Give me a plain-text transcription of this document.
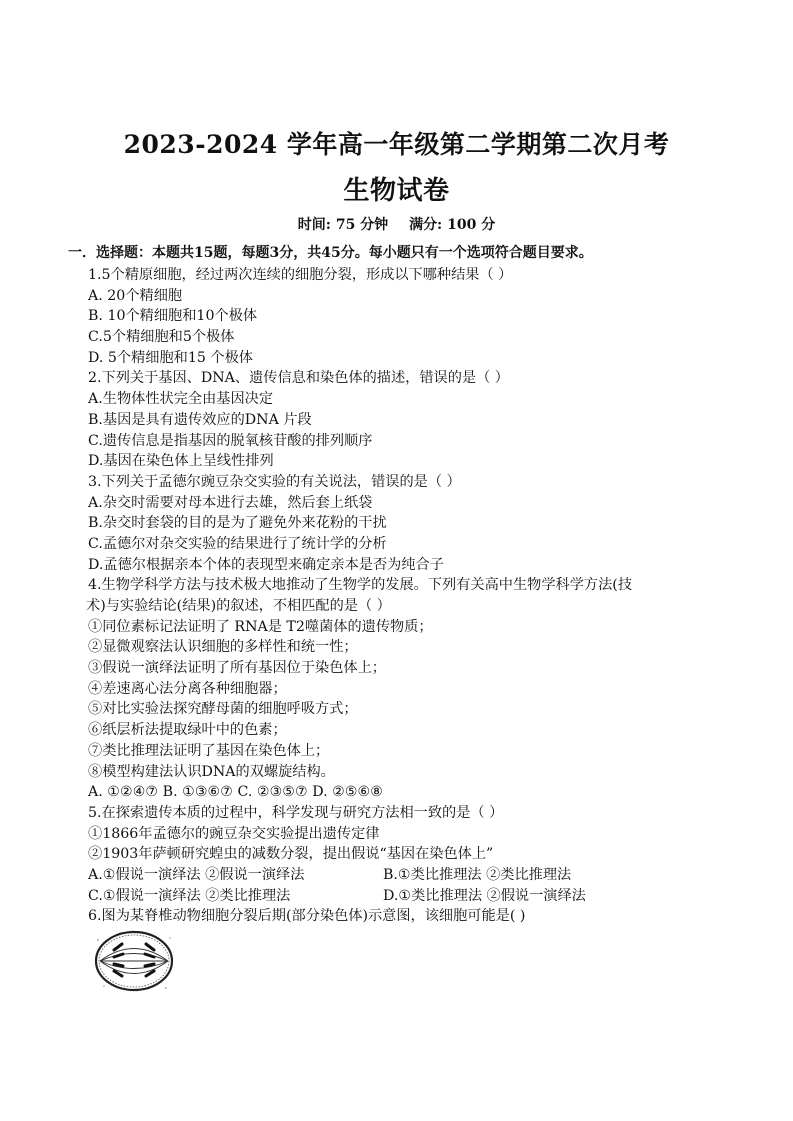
2023-2024 学年高一年级第二学期第二次月考
生物试卷
时间: 75 分钟 满分: 100 分
一．选择题：本题共15题，每题3分，共45分。每小题只有一个选项符合题目要求。
1.5个精原细胞，经过两次连续的细胞分裂，形成以下哪种结果（ ）
A. 20个精细胞
B. 10个精细胞和10个极体
C.5个精细胞和5个极体
D. 5个精细胞和15 个极体
2.下列关于基因、DNA、遗传信息和染色体的描述，错误的是（ ）
A.生物体性状完全由基因决定
B.基因是具有遗传效应的DNA 片段
C.遗传信息是指基因的脱氧核苷酸的排列顺序
D.基因在染色体上呈线性排列
3.下列关于孟德尔豌豆杂交实验的有关说法，错误的是（ ）
A.杂交时需要对母本进行去雄，然后套上纸袋
B.杂交时套袋的目的是为了避免外来花粉的干扰
C.孟德尔对杂交实验的结果进行了统计学的分析
D.孟德尔根据亲本个体的表现型来确定亲本是否为纯合子
4.生物学科学方法与技术极大地推动了生物学的发展。下列有关高中生物学科学方法(技
术)与实验结论(结果)的叙述，不相匹配的是（ ）
①同位素标记法证明了 RNA是 T2噬菌体的遗传物质；
②显微观察法认识细胞的多样性和统一性；
③假说一演绎法证明了所有基因位于染色体上；
④差速离心法分离各种细胞器；
⑤对比实验法探究酵母菌的细胞呼吸方式；
⑥纸层析法提取绿叶中的色素；
⑦类比推理法证明了基因在染色体上；
⑧模型构建法认识DNA的双螺旋结构。
A. ①②④⑦ B. ①③⑥⑦ C. ②③⑤⑦ D. ②⑤⑥⑧
5.在探索遗传本质的过程中，科学发现与研究方法相一致的是（ ）
①1866年孟德尔的豌豆杂交实验提出遗传定律
②1903年萨顿研究蝗虫的减数分裂，提出假说“基因在染色体上”
A.①假说一演绎法 ②假说一演绎法	B.①类比推理法 ②类比推理法
C.①假说一演绎法 ②类比推理法	D.①类比推理法 ②假说一演绎法
6.图为某脊椎动物细胞分裂后期(部分染色体)示意图，该细胞可能是( )
